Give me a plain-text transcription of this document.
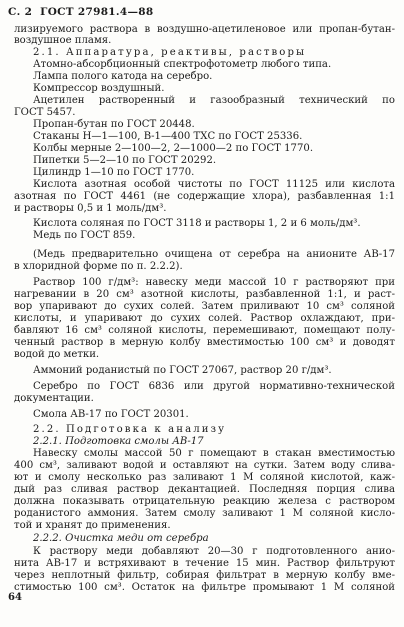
С. 2 ГОСТ 27981.4—88
лизируемого раствора в воздушно-ацетиленовое или пропан-бутан-
воздушное пламя.
2.1. Аппаратура, реактивы, растворы
Атомно-абсорбционный спектрофотометр любого типа.
Лампа полого катода на серебро.
Компрессор воздушный.
Ацетилен растворенный и газообразный технический по
ГОСТ 5457.
Пропан-бутан по ГОСТ 20448.
Стаканы Н—1—100, В-1—400 ТХС по ГОСТ 25336.
Колбы мерные 2—100—2, 2—1000—2 по ГОСТ 1770.
Пипетки 5—2—10 по ГОСТ 20292.
Цилиндр 1—10 по ГОСТ 1770.
Кислота азотная особой чистоты по ГОСТ 11125 или кислота
азотная по ГОСТ 4461 (не содержащие хлора), разбавленная 1:1
и растворы 0,5 и 1 моль/дм³.
Кислота соляная по ГОСТ 3118 и растворы 1, 2 и 6 моль/дм³.
Медь по ГОСТ 859.
(Медь предварительно очищена от серебра на анионите АВ-17
в хлоридной форме по п. 2.2.2).
Раствор 100 г/дм³: навеску меди массой 10 г растворяют при
нагревании в 20 см³ азотной кислоты, разбавленной 1:1, и раст-
вор упаривают до сухих солей. Затем приливают 10 см³ соляной
кислоты, и упаривают до сухих солей. Раствор охлаждают, при-
бавляют 16 см³ соляной кислоты, перемешивают, помещают полу-
ченный раствор в мерную колбу вместимостью 100 см³ и доводят
водой до метки.
Аммоний роданистый по ГОСТ 27067, раствор 20 г/дм³.
Серебро по ГОСТ 6836 или другой нормативно-технической
документации.
Смола АВ-17 по ГОСТ 20301.
2.2. Подготовка к анализу
2.2.1. Подготовка смолы АВ-17
Навеску смолы массой 50 г помещают в стакан вместимостью
400 см³, заливают водой и оставляют на сутки. Затем воду слива-
ют и смолу несколько раз заливают 1 М соляной кислотой, каж-
дый раз сливая раствор декантацией. Последняя порция слива
должна показывать отрицательную реакцию железа с раствором
роданистого аммония. Затем смолу заливают 1 М соляной кисло-
той и хранят до применения.
2.2.2. Очистка меди от серебра
К раствору меди добавляют 20—30 г подготовленного анио-
нита АВ-17 и встряхивают в течение 15 мин. Раствор фильтруют
через неплотный фильтр, собирая фильтрат в мерную колбу вме-
стимостью 100 см³. Остаток на фильтре промывают 1 М соляной
64
